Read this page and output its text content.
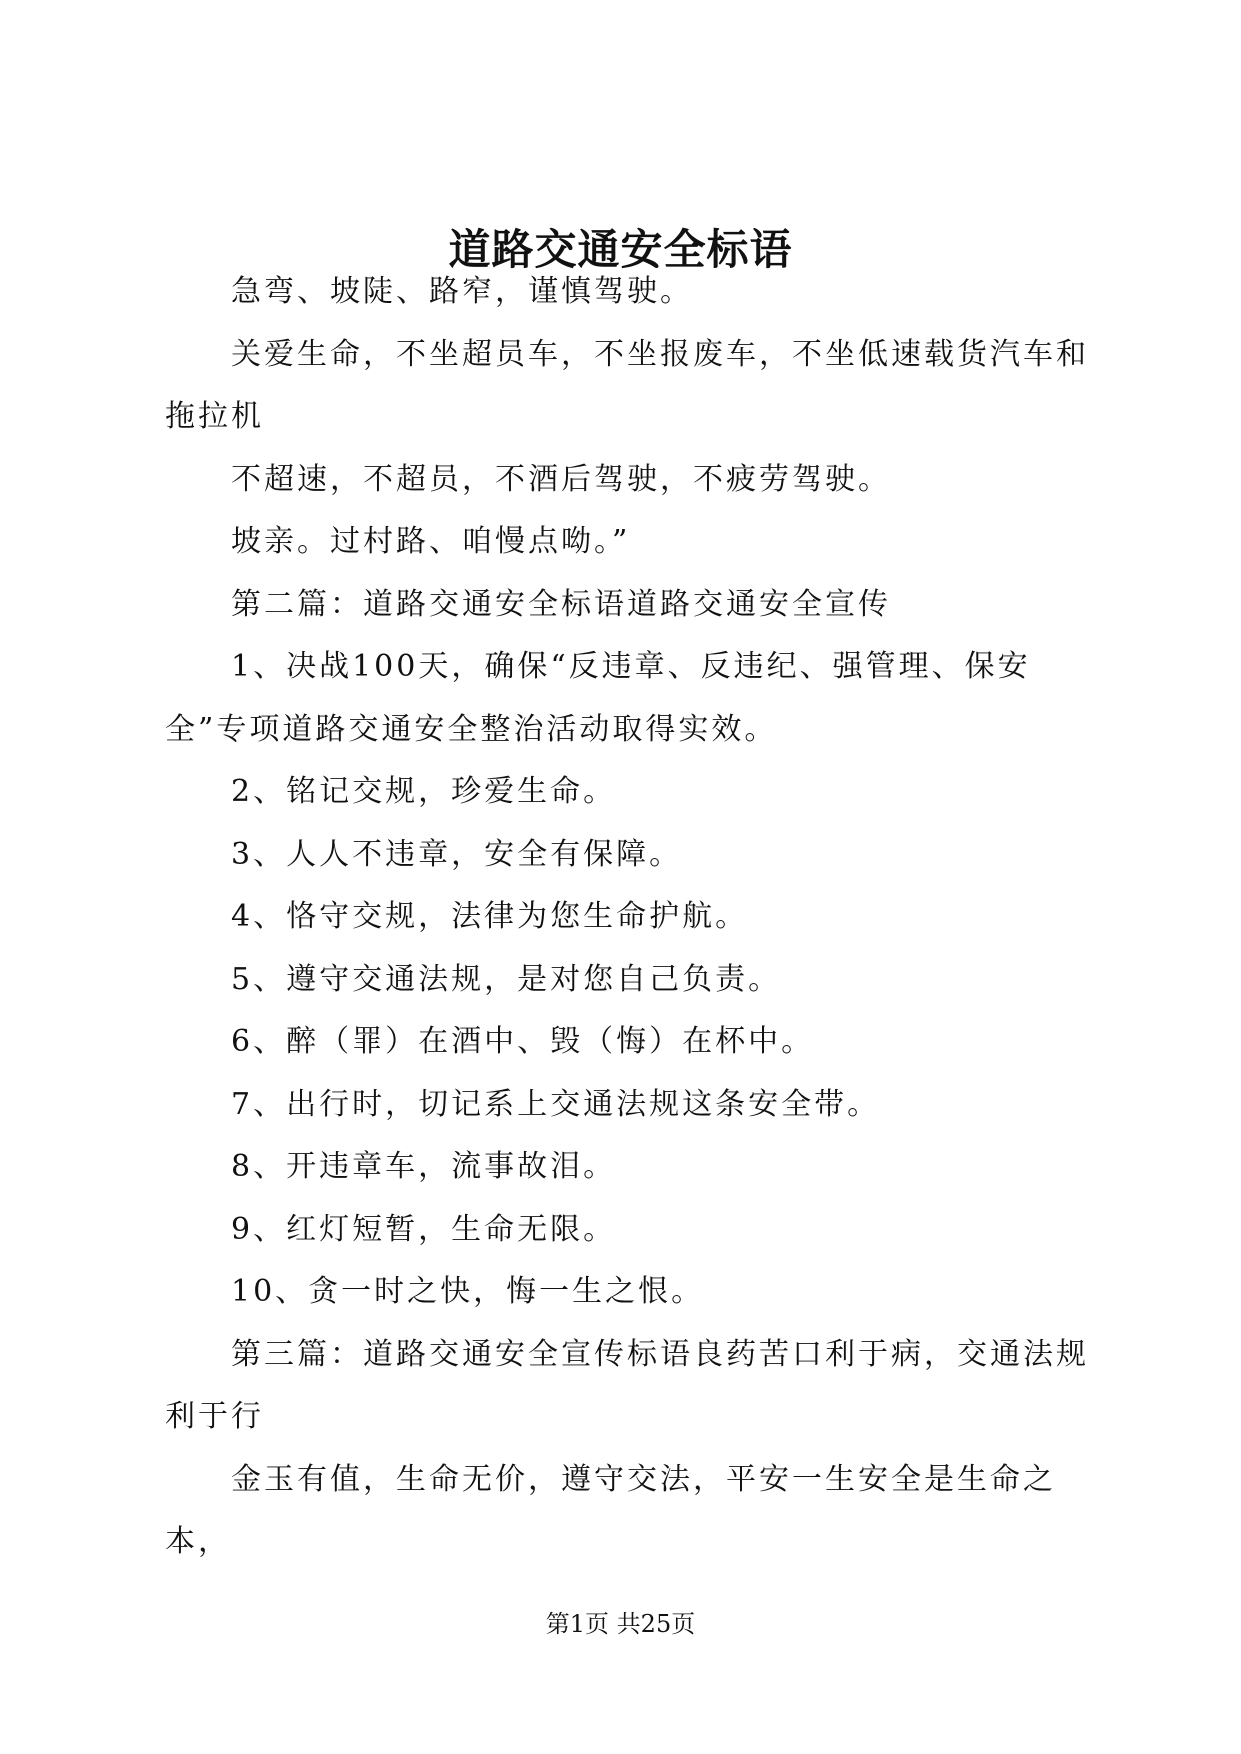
道路交通安全标语

急弯、坡陡、路窄，谨慎驾驶。

关爱生命，不坐超员车，不坐报废车，不坐低速载货汽车和拖拉机

不超速，不超员，不酒后驾驶，不疲劳驾驶。

坡亲。过村路、咱慢点呦。”

第二篇：道路交通安全标语道路交通安全宣传

1、决战100天，确保“反违章、反违纪、强管理、保安全”专项道路交通安全整治活动取得实效。

2、铭记交规，珍爱生命。

3、人人不违章，安全有保障。

4、恪守交规，法律为您生命护航。

5、遵守交通法规，是对您自己负责。

6、醉（罪）在酒中、毁（悔）在杯中。

7、出行时，切记系上交通法规这条安全带。

8、开违章车，流事故泪。

9、红灯短暂，生命无限。

10、贪一时之快，悔一生之恨。

第三篇：道路交通安全宣传标语良药苦口利于病，交通法规利于行

金玉有值，生命无价，遵守交法，平安一生安全是生命之本，

第1页 共25页
